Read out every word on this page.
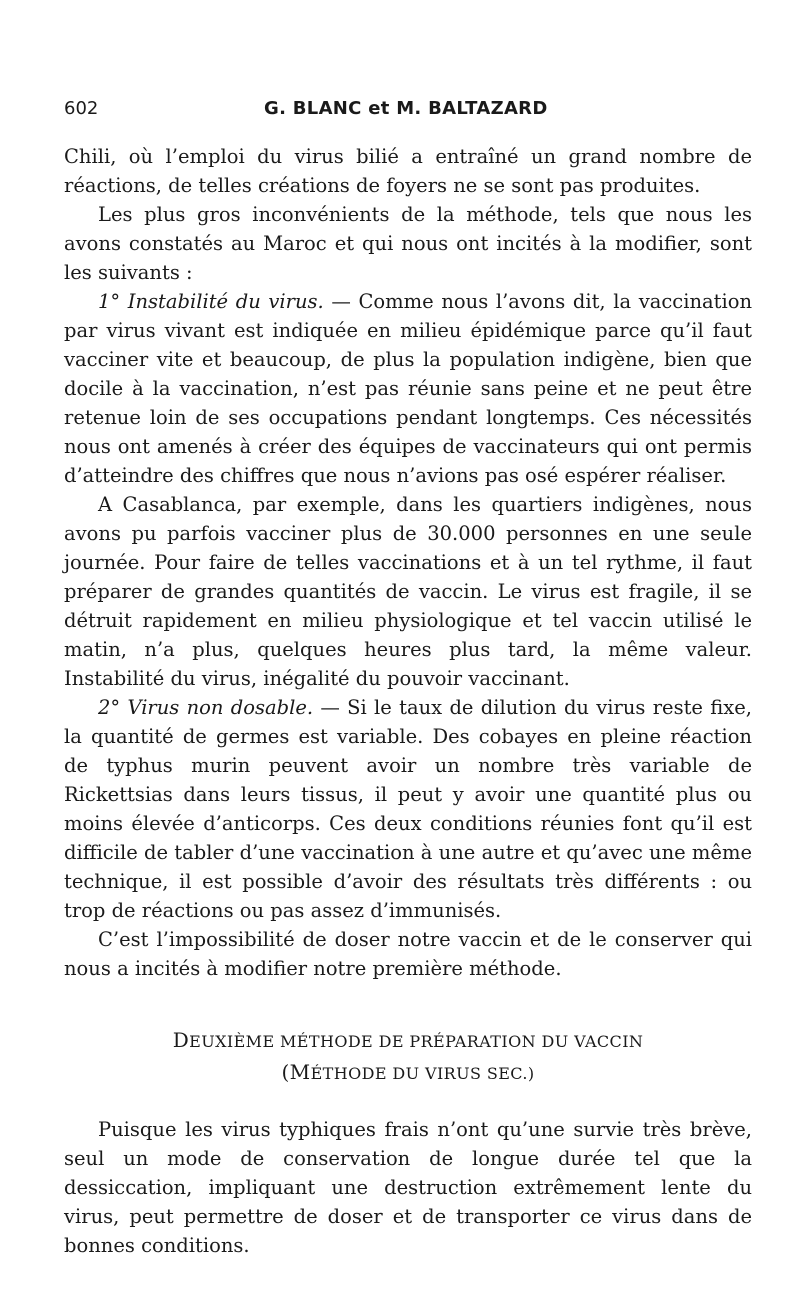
602	G. BLANC et M. BALTAZARD

Chili, où l’emploi du virus bilié a entraîné un grand nombre de réactions, de telles créations de foyers ne se sont pas produites.

Les plus gros inconvénients de la méthode, tels que nous les avons constatés au Maroc et qui nous ont incités à la modifier, sont les suivants :

1° Instabilité du virus. — Comme nous l’avons dit, la vaccination par virus vivant est indiquée en milieu épidémique parce qu’il faut vacciner vite et beaucoup, de plus la population indigène, bien que docile à la vaccination, n’est pas réunie sans peine et ne peut être retenue loin de ses occupations pendant longtemps. Ces nécessités nous ont amenés à créer des équipes de vaccinateurs qui ont permis d’atteindre des chiffres que nous n’avions pas osé espérer réaliser.

A Casablanca, par exemple, dans les quartiers indigènes, nous avons pu parfois vacciner plus de 30.000 personnes en une seule journée. Pour faire de telles vaccinations et à un tel rythme, il faut préparer de grandes quantités de vaccin. Le virus est fragile, il se détruit rapidement en milieu physiologique et tel vaccin utilisé le matin, n’a plus, quelques heures plus tard, la même valeur. Instabilité du virus, inégalité du pouvoir vaccinant.

2° Virus non dosable. — Si le taux de dilution du virus reste fixe, la quantité de germes est variable. Des cobayes en pleine réaction de typhus murin peuvent avoir un nombre très variable de Rickettsias dans leurs tissus, il peut y avoir une quantité plus ou moins élevée d’anticorps. Ces deux conditions réunies font qu’il est difficile de tabler d’une vaccination à une autre et qu’avec une même technique, il est possible d’avoir des résultats très différents : ou trop de réactions ou pas assez d’immunisés.

C’est l’impossibilité de doser notre vaccin et de le conserver qui nous a incités à modifier notre première méthode.

DEUXIÈME MÉTHODE DE PRÉPARATION DU VACCIN
(MÉTHODE DU VIRUS SEC.)

Puisque les virus typhiques frais n’ont qu’une survie très brève, seul un mode de conservation de longue durée tel que la dessiccation, impliquant une destruction extrêmement lente du virus, peut permettre de doser et de transporter ce virus dans de bonnes conditions.
